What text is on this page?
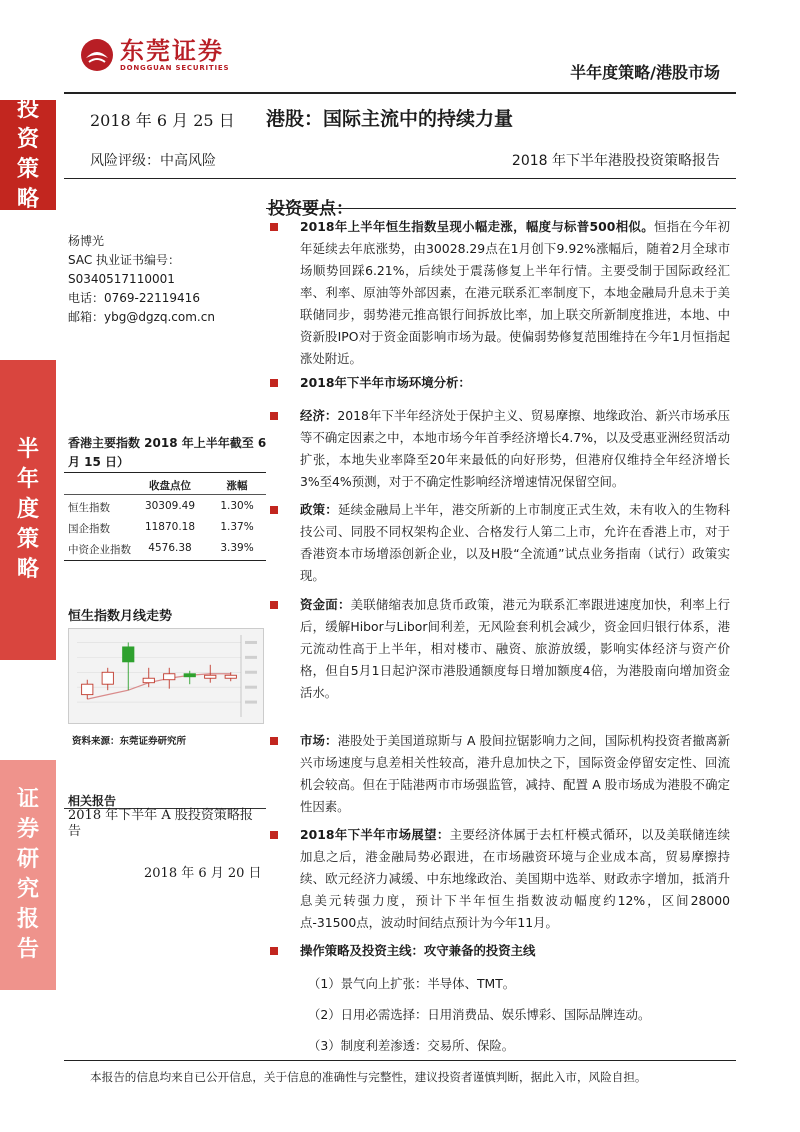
投
资
策
略
半
年
度
策
略
证
券
研
究
报
告
东莞证券
DONGGUAN SECURITIES	半年度策略/港股市场
2018 年 6 月 25 日 港股：国际主流中的持续力量
风险评级：中高风险	2018 年下半年港股投资策略报告
杨博光
SAC 执业证书编号：
S0340517110001
电话：0769-22119416
邮箱：ybg@dgzq.com.cn
香港主要指数 2018 年上半年截至 6 月 15 日）
收盘点位	涨幅
恒生指数	30309.49	1.30%
国企指数	11870.18	1.37%
中资企业指数	4576.38	3.39%
恒生指数月线走势
资料来源：东莞证券研究所
相关报告
2018 年下半年 A 股投资策略报告
2018 年 6 月 20 日
投资要点：
2018年上半年恒生指数呈现小幅走涨，幅度与标普500相似。恒指在今年初年延续去年底涨势，由30028.29点在1月创下9.92%涨幅后，随着2月全球市场顺势回踩6.21%，后续处于震荡修复上半年行情。主要受制于国际政经汇率、利率、原油等外部因素，在港元联系汇率制度下，本地金融局升息未于美联储同步，弱势港元推高银行间拆放比率，加上联交所新制度推进，本地、中资新股IPO对于资金面影响市场为最。使偏弱势修复范围维持在今年1月恒指起涨处附近。
2018年下半年市场环境分析：
经济：2018年下半年经济处于保护主义、贸易摩擦、地缘政治、新兴市场承压等不确定因素之中，本地市场今年首季经济增长4.7%，以及受惠亚洲经贸活动扩张，本地失业率降至20年来最低的向好形势，但港府仅维持全年经济增长3%至4%预测，对于不确定性影响经济增速情况保留空间。
政策：延续金融局上半年，港交所新的上市制度正式生效，未有收入的生物科技公司、同股不同权架构企业、合格发行人第二上市，允许在香港上市，对于香港资本市场增添创新企业，以及H股“全流通”试点业务指南（试行）政策实现。
资金面：美联储缩表加息货币政策，港元为联系汇率跟进速度加快，利率上行后，缓解Hibor与Libor间利差，无风险套利机会减少，资金回归银行体系，港元流动性高于上半年，相对楼市、融资、旅游放缓，影响实体经济与资产价格，但自5月1日起沪深市港股通额度每日增加额度4倍，为港股南向增加资金活水。
市场：港股处于美国道琼斯与 A 股间拉锯影响力之间，国际机构投资者撤离新兴市场速度与息差相关性较高，港升息加快之下，国际资金停留安定性、回流机会较高。但在于陆港两市市场强监管，减持、配置 A 股市场成为港股不确定性因素。
2018年下半年市场展望：主要经济体属于去杠杆模式循环，以及美联储连续加息之后，港金融局势必跟进，在市场融资环境与企业成本高，贸易摩擦持续、欧元经济力减缓、中东地缘政治、美国期中选举、财政赤字增加，抵消升息美元转强力度，预计下半年恒生指数波动幅度约12%，区间28000点-31500点，波动时间结点预计为今年11月。
操作策略及投资主线：攻守兼备的投资主线
（1）景气向上扩张：半导体、TMT。
（2）日用必需选择：日用消费品、娱乐博彩、国际品牌连动。
（3）制度利差渗透：交易所、保险。
本报告的信息均来自已公开信息，关于信息的准确性与完整性，建议投资者谨慎判断，据此入市，风险自担。
